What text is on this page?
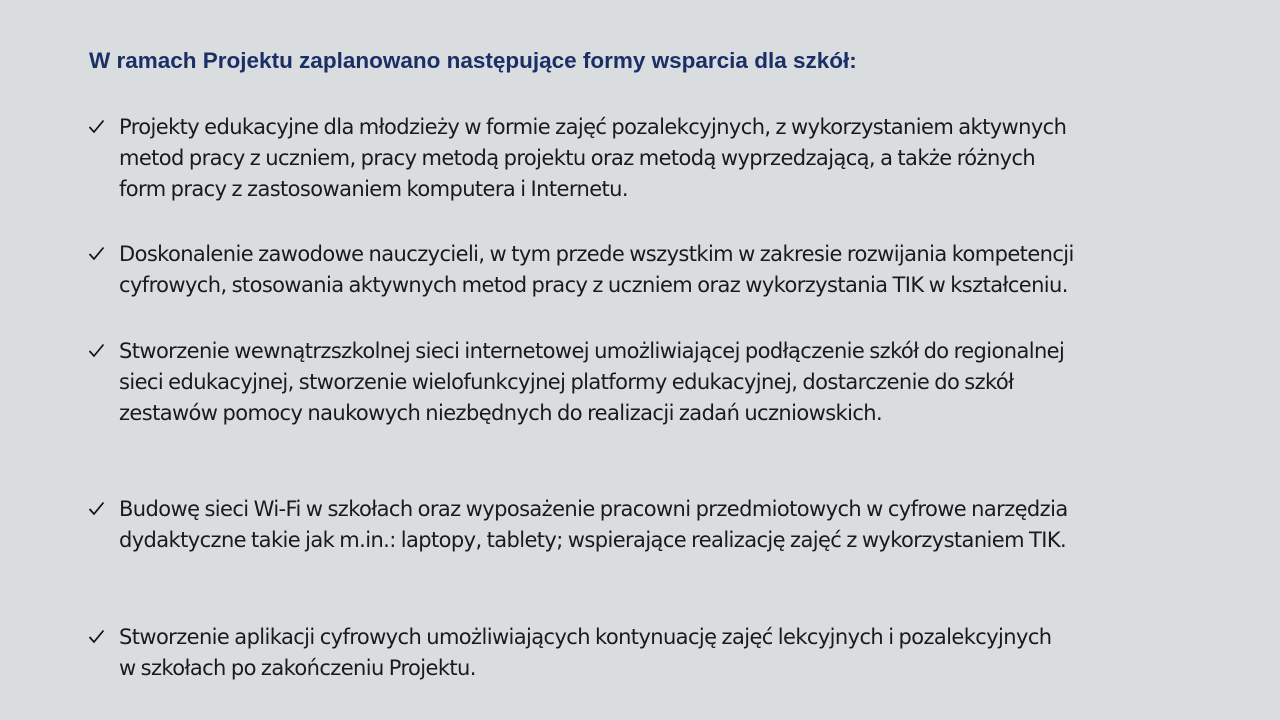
W ramach Projektu zaplanowano następujące formy wsparcia dla szkół:
Projekty edukacyjne dla młodzieży w formie zajęć pozalekcyjnych, z wykorzystaniem aktywnych
metod pracy z uczniem, pracy metodą projektu oraz metodą wyprzedzającą, a także różnych
form pracy z zastosowaniem komputera i Internetu.
Doskonalenie zawodowe nauczycieli, w tym przede wszystkim w zakresie rozwijania kompetencji
cyfrowych, stosowania aktywnych metod pracy z uczniem oraz wykorzystania TIK w kształceniu.
Stworzenie wewnątrzszkolnej sieci internetowej umożliwiającej podłączenie szkół do regionalnej
sieci edukacyjnej, stworzenie wielofunkcyjnej platformy edukacyjnej, dostarczenie do szkół
zestawów pomocy naukowych niezbędnych do realizacji zadań uczniowskich.
Budowę sieci Wi-Fi w szkołach oraz wyposażenie pracowni przedmiotowych w cyfrowe narzędzia
dydaktyczne takie jak m.in.: laptopy, tablety; wspierające realizację zajęć z wykorzystaniem TIK.
Stworzenie aplikacji cyfrowych umożliwiających kontynuację zajęć lekcyjnych i pozalekcyjnych
w szkołach po zakończeniu Projektu.
